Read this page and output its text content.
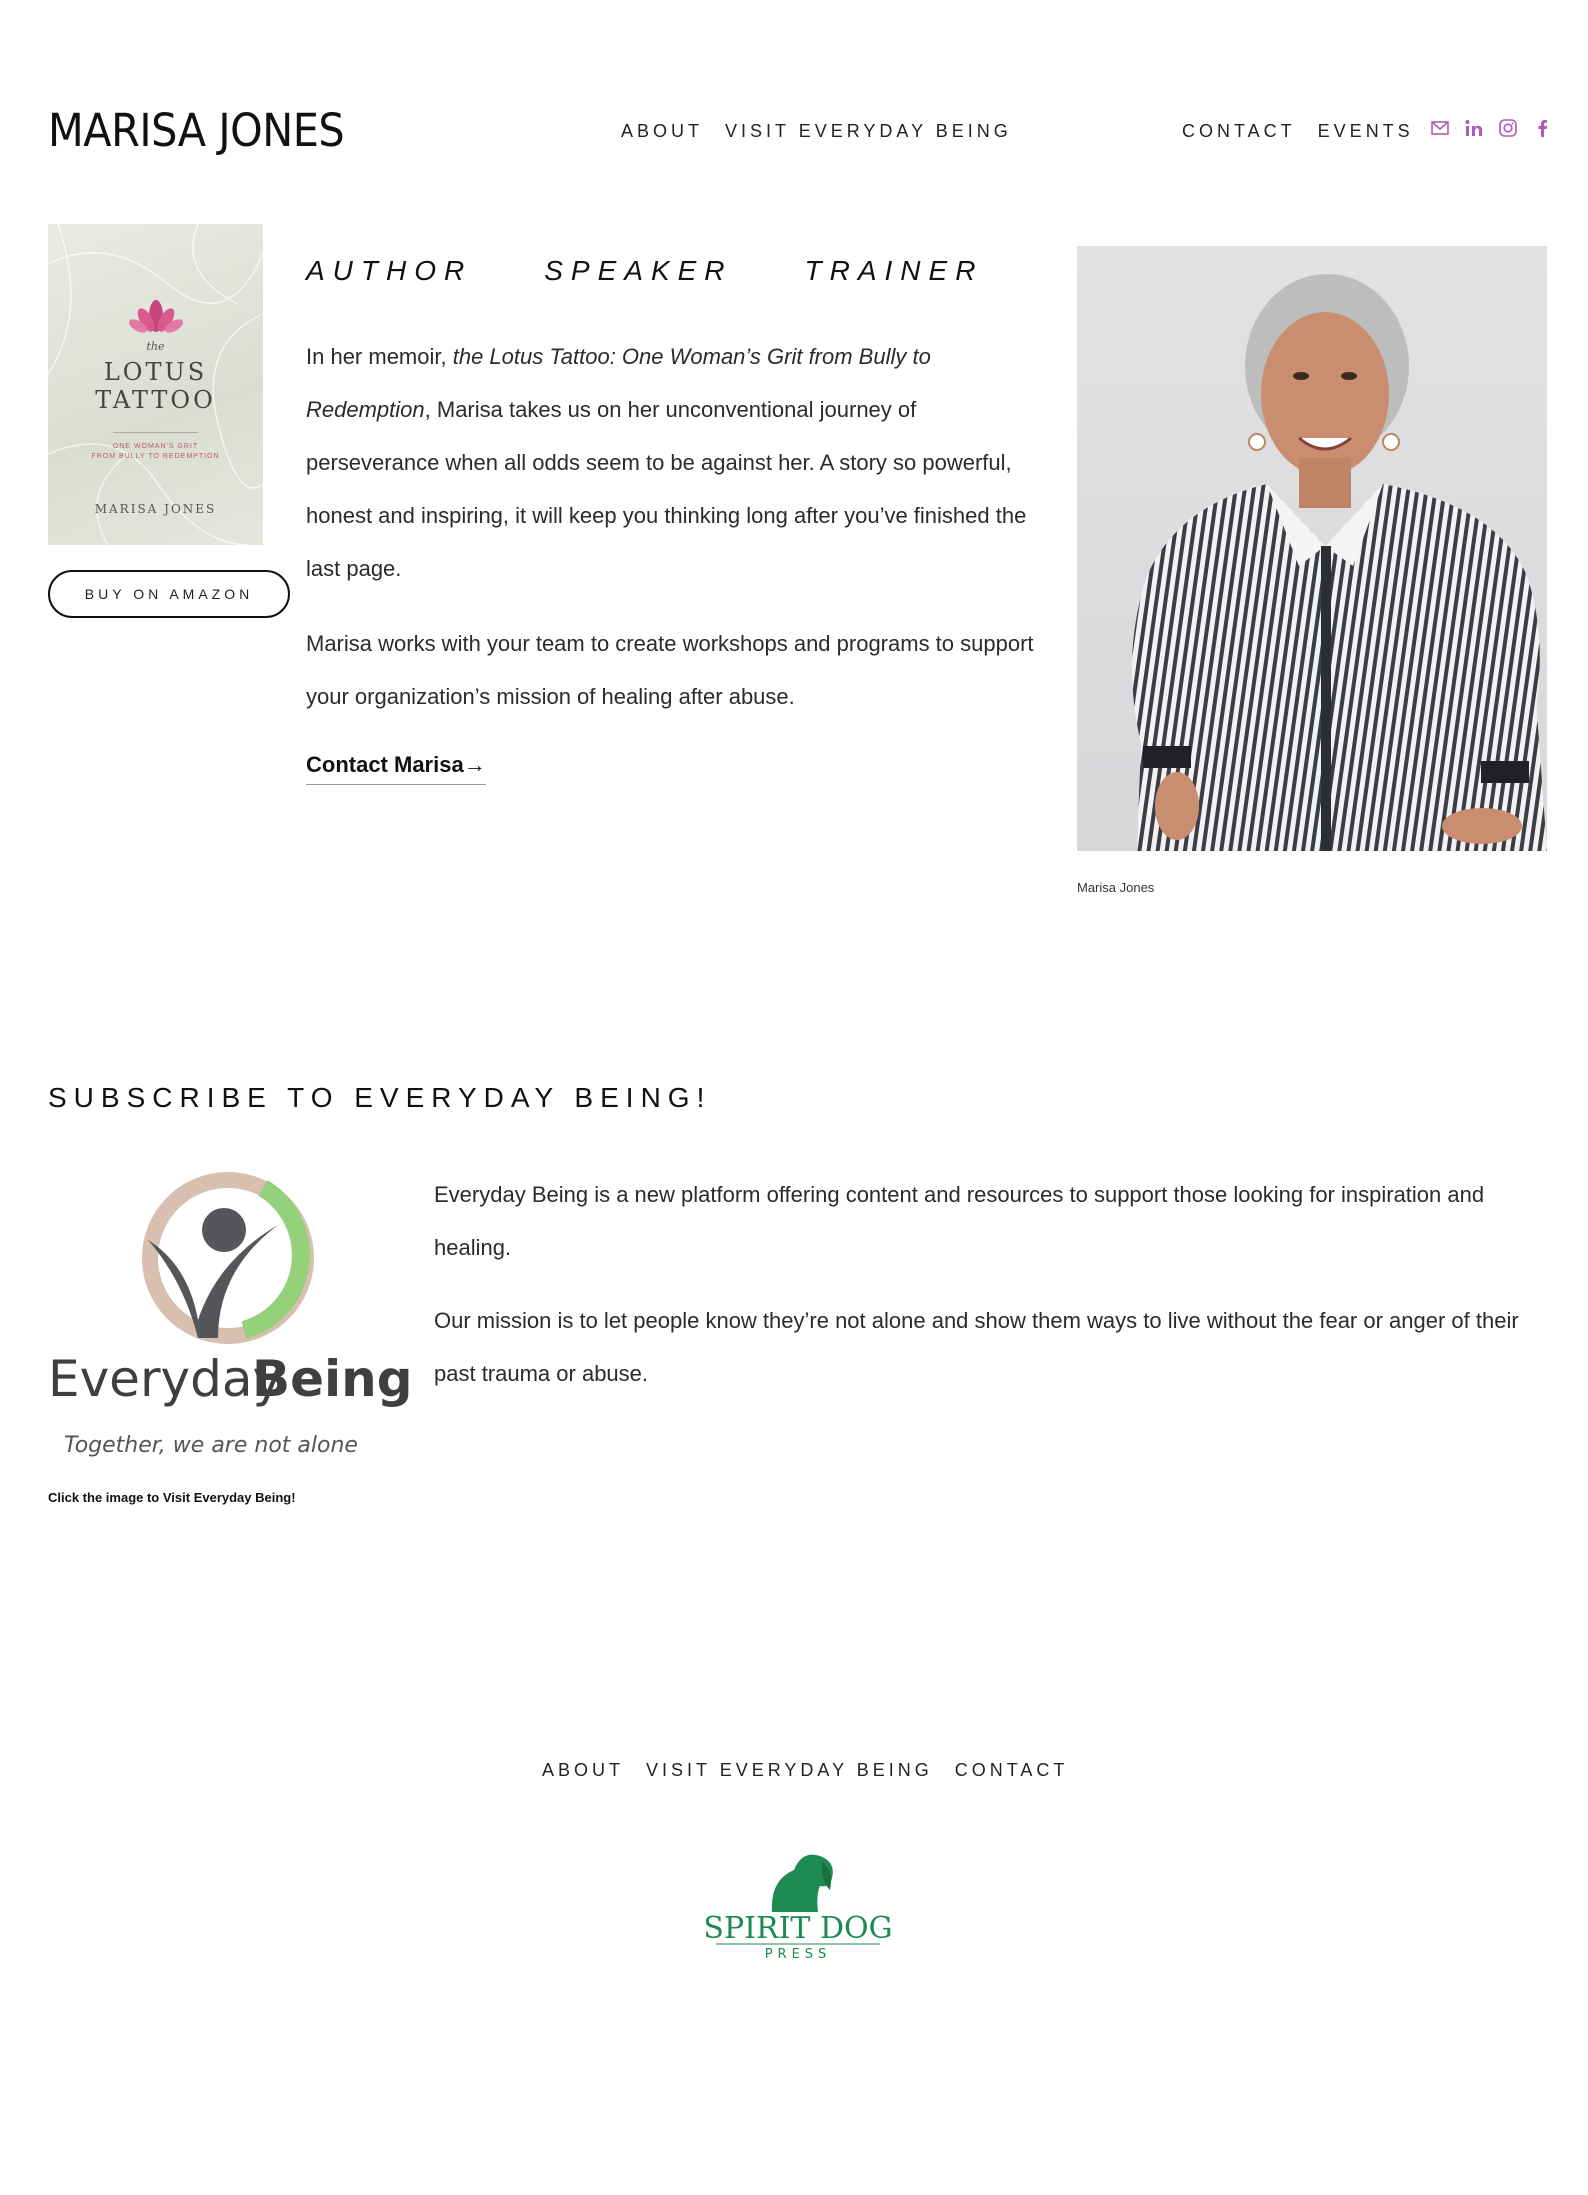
MARISA JONES	ABOUT VISIT EVERYDAY BEING	CONTACT EVENTS
the
LOTUS
TATTOO
ONE WOMAN'S GRIT
FROM BULLY TO REDEMPTION
MARISA JONES
BUY ON AMAZON
AUTHOR	SPEAKER	TRAINER

In her memoir, the Lotus Tattoo: One Woman’s Grit from Bully to Redemption, Marisa takes us on her unconventional journey of perseverance when all odds seem to be against her. A story so powerful, honest and inspiring, it will keep you thinking long after you’ve finished the last page.

Marisa works with your team to create workshops and programs to support your organization’s mission of healing after abuse.

Contact Marisa→
Marisa Jones
SUBSCRIBE TO EVERYDAY BEING!
Everyday
Being
Together, we are not alone
Click the image to Visit Everyday Being!

Everyday Being is a new platform offering content and resources to support those looking for inspiration and healing.

Our mission is to let people know they’re not alone and show them ways to live without the fear or anger of their past trauma or abuse.

ABOUT VISIT EVERYDAY BEING CONTACT
SPIRIT DOG
PRESS
